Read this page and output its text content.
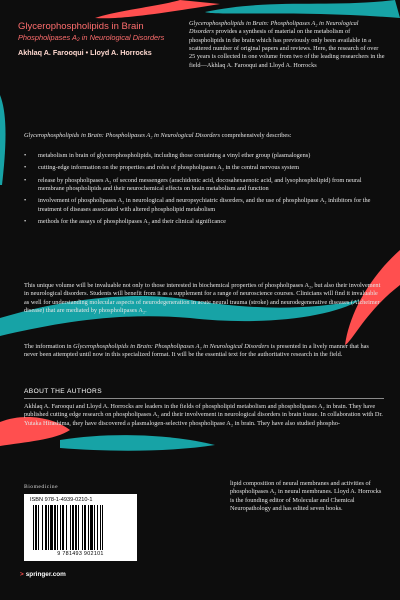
Glycerophospholipids in Brain
Phospholipases A₂ in Neurological Disorders
Akhlaq A. Farooqui • Lloyd A. Horrocks
Glycerophospholipids in Brain: Phospholipases A₂ in Neurological Disorders provides a synthesis of material on the metabolism of phospholipids in the brain which has previously only been available in a scattered number of original papers and reviews. Here, the research of over 25 years is collected in one volume from two of the leading researchers in the field—Akhlaq A. Farooqui and Lloyd A. Horrocks
Glycerophospholipids in Brain: Phospholipases A₂ in Neurological Disorders comprehensively describes:
• metabolism in brain of glycerophospholipids, including those containing a vinyl ether group (plasmalogens)
• cutting-edge information on the properties and roles of phospholipases A₂ in the central nervous system
• release by phospholipases A₂ of second messengers (arachidonic acid, docosahexaenoic acid, and lysophospholipid) from neural membrane phospholipids and their neurochemical effects on brain metabolism and function
• involvement of phospholipases A₂ in neurological and neuropsychiatric disorders, and the use of phospholipase A₂ inhibitors for the treatment of diseases associated with altered phospholipid metabolism
• methods for the assays of phospholipases A₂ and their clinical significance
This unique volume will be invaluable not only to those interested in biochemical properties of phospholipases A₂, but also their involvement in neurological disorders. Students will benefit from it as a supplement for a range of neuroscience courses. Clinicians will find it invaluable as well for understanding molecular aspects of neurodegeneration in acute neural trauma (stroke) and neurodegenerative diseases (Alzheimer disease) that are mediated by phospholipases A₂.
The information in Glycerophospholipids in Brain: Phospholipases A₂ in Neurological Disorders is presented in a lively manner that has never been attempted until now in this specialized format. It will be the essential text for the authoritative research in the field.
ABOUT THE AUTHORS
Akhlaq A. Farooqui and Lloyd A. Horrocks are leaders in the fields of phospholipid metabolism and phospholipases A₂ in brain. They have published cutting edge research on phospholipases A₂ and their involvement in neurological disorders in brain tissue. In collaboration with Dr. Yutaka Hirashima, they have discovered a plasmalogen-selective phospholipase A₂ in brain. They have also studied phospho-
lipid composition of neural membranes and activities of phospholipases A₂ in neural membranes. Lloyd A. Horrocks is the founding editor of Molecular and Chemical Neuropathology and has edited seven books.
Biomedicine
ISBN 978-1-4939-0210-1
9 781493 902101
> springer.com
